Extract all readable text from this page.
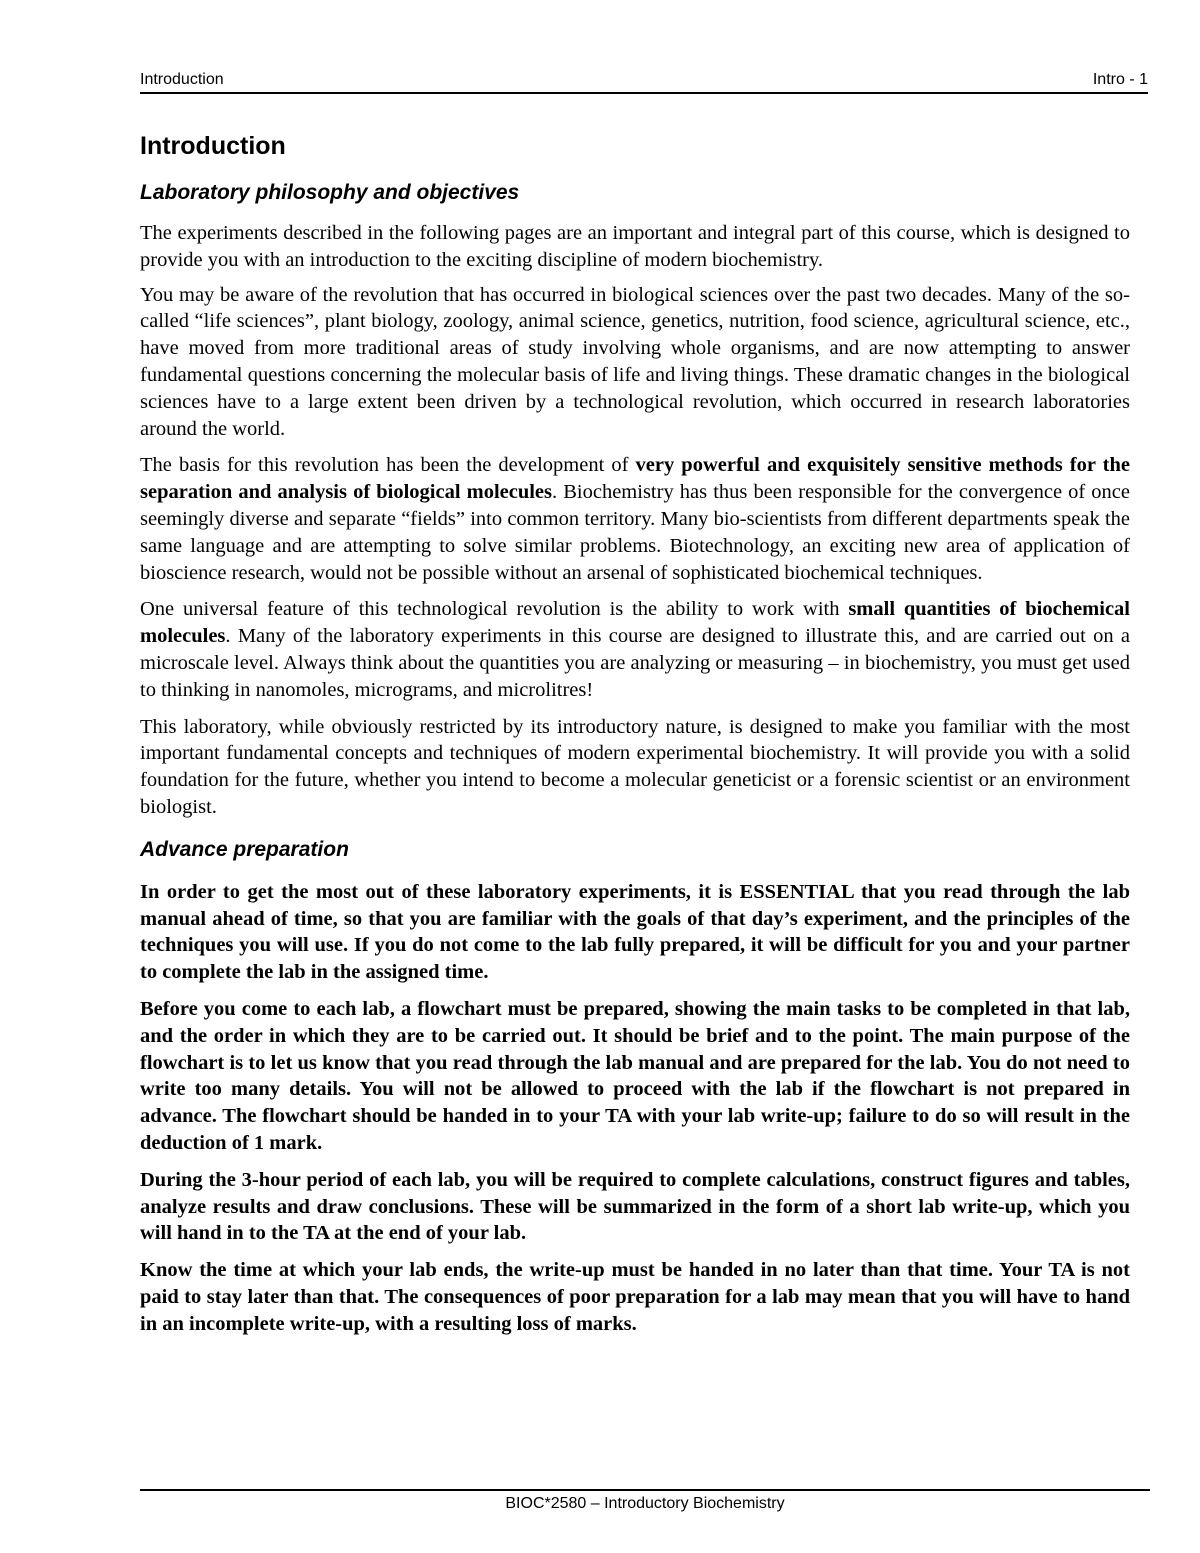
Introduction	Intro - 1
Introduction
Laboratory philosophy and objectives

The experiments described in the following pages are an important and integral part of this course, which is designed to provide you with an introduction to the exciting discipline of modern biochemistry.

You may be aware of the revolution that has occurred in biological sciences over the past two decades. Many of the so-called “life sciences”, plant biology, zoology, animal science, genetics, nutrition, food science, agricultural science, etc., have moved from more traditional areas of study involving whole organisms, and are now attempting to answer fundamental questions concerning the molecular basis of life and living things. These dramatic changes in the biological sciences have to a large extent been driven by a technological revolution, which occurred in research laboratories around the world.

The basis for this revolution has been the development of very powerful and exquisitely sensitive methods for the separation and analysis of biological molecules. Biochemistry has thus been responsible for the convergence of once seemingly diverse and separate “fields” into common territory. Many bio-scientists from different departments speak the same language and are attempting to solve similar problems. Biotechnology, an exciting new area of application of bioscience research, would not be possible without an arsenal of sophisticated biochemical techniques.

One universal feature of this technological revolution is the ability to work with small quantities of biochemical molecules. Many of the laboratory experiments in this course are designed to illustrate this, and are carried out on a microscale level. Always think about the quantities you are analyzing or measuring – in biochemistry, you must get used to thinking in nanomoles, micrograms, and microlitres!

This laboratory, while obviously restricted by its introductory nature, is designed to make you familiar with the most important fundamental concepts and techniques of modern experimental biochemistry. It will provide you with a solid foundation for the future, whether you intend to become a molecular geneticist or a forensic scientist or an environment biologist.

Advance preparation

In order to get the most out of these laboratory experiments, it is ESSENTIAL that you read through the lab manual ahead of time, so that you are familiar with the goals of that day’s experiment, and the principles of the techniques you will use. If you do not come to the lab fully prepared, it will be difficult for you and your partner to complete the lab in the assigned time.

Before you come to each lab, a flowchart must be prepared, showing the main tasks to be completed in that lab, and the order in which they are to be carried out. It should be brief and to the point. The main purpose of the flowchart is to let us know that you read through the lab manual and are prepared for the lab. You do not need to write too many details. You will not be allowed to proceed with the lab if the flowchart is not prepared in advance. The flowchart should be handed in to your TA with your lab write-up; failure to do so will result in the deduction of 1 mark.

During the 3-hour period of each lab, you will be required to complete calculations, construct figures and tables, analyze results and draw conclusions. These will be summarized in the form of a short lab write-up, which you will hand in to the TA at the end of your lab.

Know the time at which your lab ends, the write-up must be handed in no later than that time. Your TA is not paid to stay later than that. The consequences of poor preparation for a lab may mean that you will have to hand in an incomplete write-up, with a resulting loss of marks.

BIOC*2580 – Introductory Biochemistry
